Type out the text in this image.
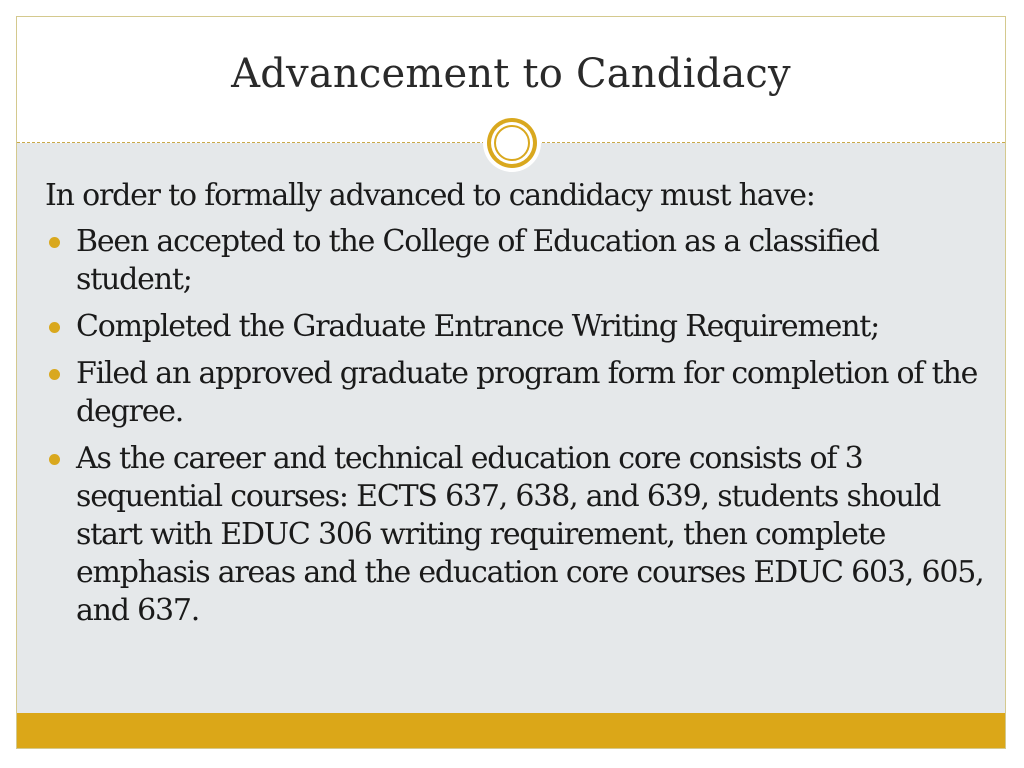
Advancement to Candidacy
In order to formally advanced to candidacy must have:
Been accepted to the College of Education as a classified student;
Completed the Graduate Entrance Writing Requirement;
Filed an approved graduate program form for completion of the degree.
As the career and technical education core consists of 3 sequential courses: ECTS 637, 638, and 639, students should start with EDUC 306 writing requirement, then complete emphasis areas and the education core courses EDUC 603, 605, and 637.
